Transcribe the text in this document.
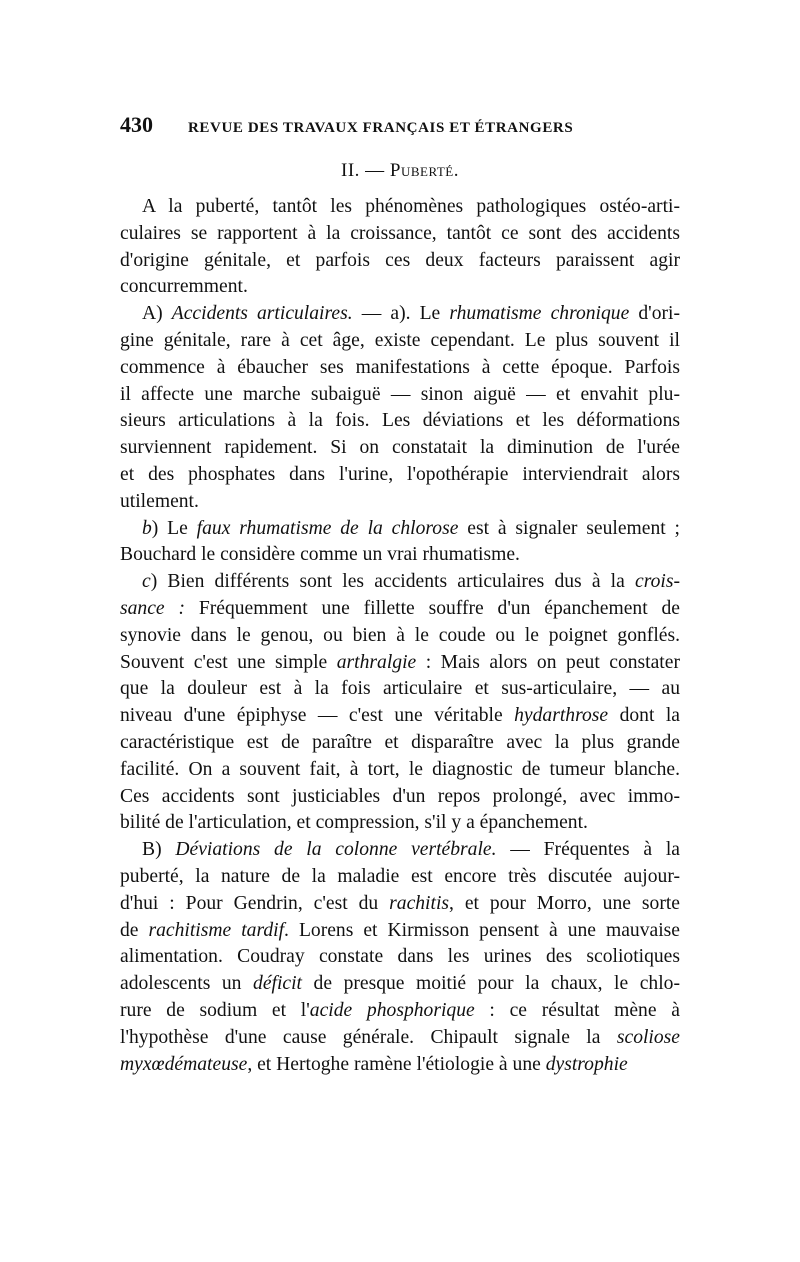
430	REVUE DES TRAVAUX FRANÇAIS ET ÉTRANGERS
II. — Puberté.
A la puberté, tantôt les phénomènes pathologiques ostéo-arti-
culaires se rapportent à la croissance, tantôt ce sont des accidents
d'origine génitale, et parfois ces deux facteurs paraissent agir
concurremment.
A) Accidents articulaires. — a). Le rhumatisme chronique d'ori-
gine génitale, rare à cet âge, existe cependant. Le plus souvent il
commence à ébaucher ses manifestations à cette époque. Parfois
il affecte une marche subaiguë — sinon aiguë — et envahit plu-
sieurs articulations à la fois. Les déviations et les déformations
surviennent rapidement. Si on constatait la diminution de l'urée
et des phosphates dans l'urine, l'opothérapie interviendrait alors
utilement.
b) Le faux rhumatisme de la chlorose est à signaler seulement ;
Bouchard le considère comme un vrai rhumatisme.
c) Bien différents sont les accidents articulaires dus à la crois-
sance : Fréquemment une fillette souffre d'un épanchement de
synovie dans le genou, ou bien à le coude ou le poignet gonflés.
Souvent c'est une simple arthralgie : Mais alors on peut constater
que la douleur est à la fois articulaire et sus-articulaire, — au
niveau d'une épiphyse — c'est une véritable hydarthrose dont la
caractéristique est de paraître et disparaître avec la plus grande
facilité. On a souvent fait, à tort, le diagnostic de tumeur blanche.
Ces accidents sont justiciables d'un repos prolongé, avec immo-
bilité de l'articulation, et compression, s'il y a épanchement.
B) Déviations de la colonne vertébrale. — Fréquentes à la
puberté, la nature de la maladie est encore très discutée aujour-
d'hui : Pour Gendrin, c'est du rachitis, et pour Morro, une sorte
de rachitisme tardif. Lorens et Kirmisson pensent à une mauvaise
alimentation. Coudray constate dans les urines des scoliotiques
adolescents un déficit de presque moitié pour la chaux, le chlo-
rure de sodium et l'acide phosphorique : ce résultat mène à
l'hypothèse d'une cause générale. Chipault signale la scoliose
myxœdémateuse, et Hertoghe ramène l'étiologie à une dystrophie
